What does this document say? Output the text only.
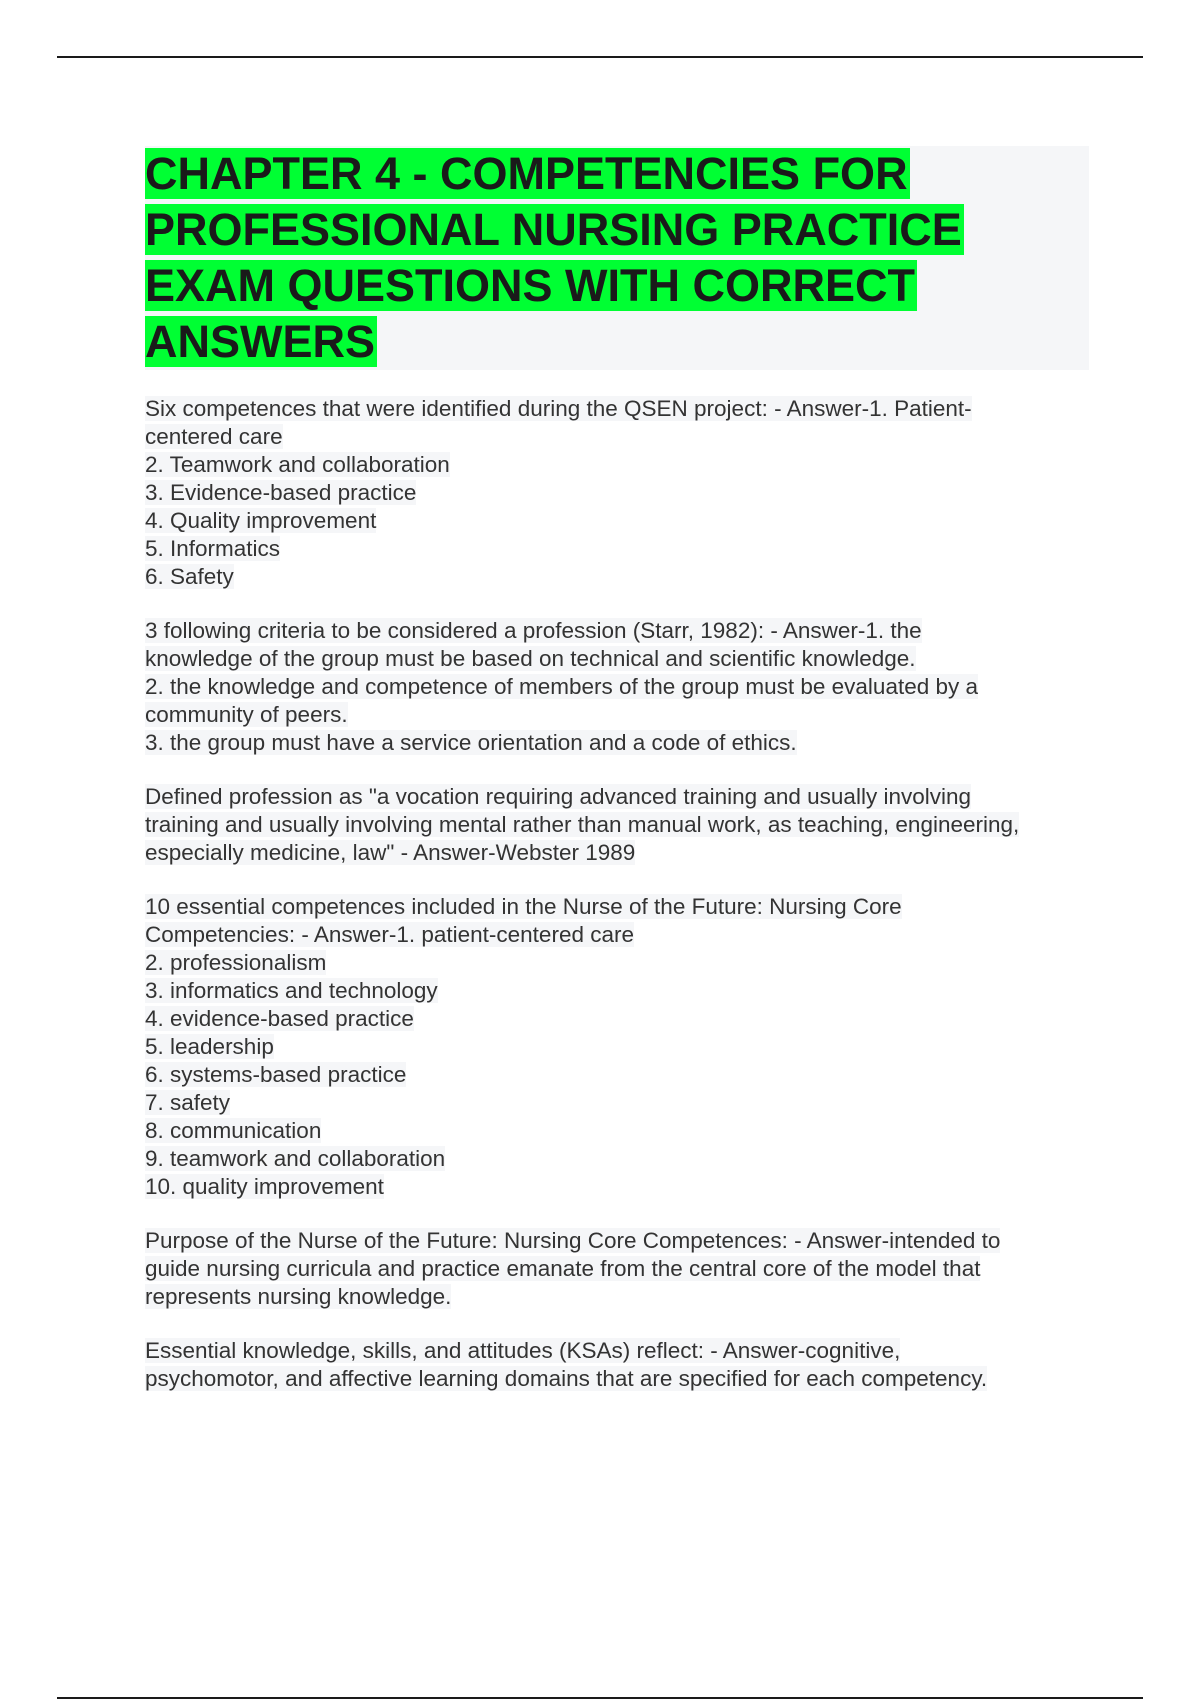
CHAPTER 4 - COMPETENCIES FOR
PROFESSIONAL NURSING PRACTICE
EXAM QUESTIONS WITH CORRECT
ANSWERS
Six competences that were identified during the QSEN project: - Answer-1. Patient-
centered care
2. Teamwork and collaboration
3. Evidence-based practice
4. Quality improvement
5. Informatics
6. Safety
3 following criteria to be considered a profession (Starr, 1982): - Answer-1. the
knowledge of the group must be based on technical and scientific knowledge.
2. the knowledge and competence of members of the group must be evaluated by a
community of peers.
3. the group must have a service orientation and a code of ethics.
Defined profession as "a vocation requiring advanced training and usually involving
training and usually involving mental rather than manual work, as teaching, engineering,
especially medicine, law" - Answer-Webster 1989
10 essential competences included in the Nurse of the Future: Nursing Core
Competencies: - Answer-1. patient-centered care
2. professionalism
3. informatics and technology
4. evidence-based practice
5. leadership
6. systems-based practice
7. safety
8. communication
9. teamwork and collaboration
10. quality improvement
Purpose of the Nurse of the Future: Nursing Core Competences: - Answer-intended to
guide nursing curricula and practice emanate from the central core of the model that
represents nursing knowledge.
Essential knowledge, skills, and attitudes (KSAs) reflect: - Answer-cognitive,
psychomotor, and affective learning domains that are specified for each competency.
